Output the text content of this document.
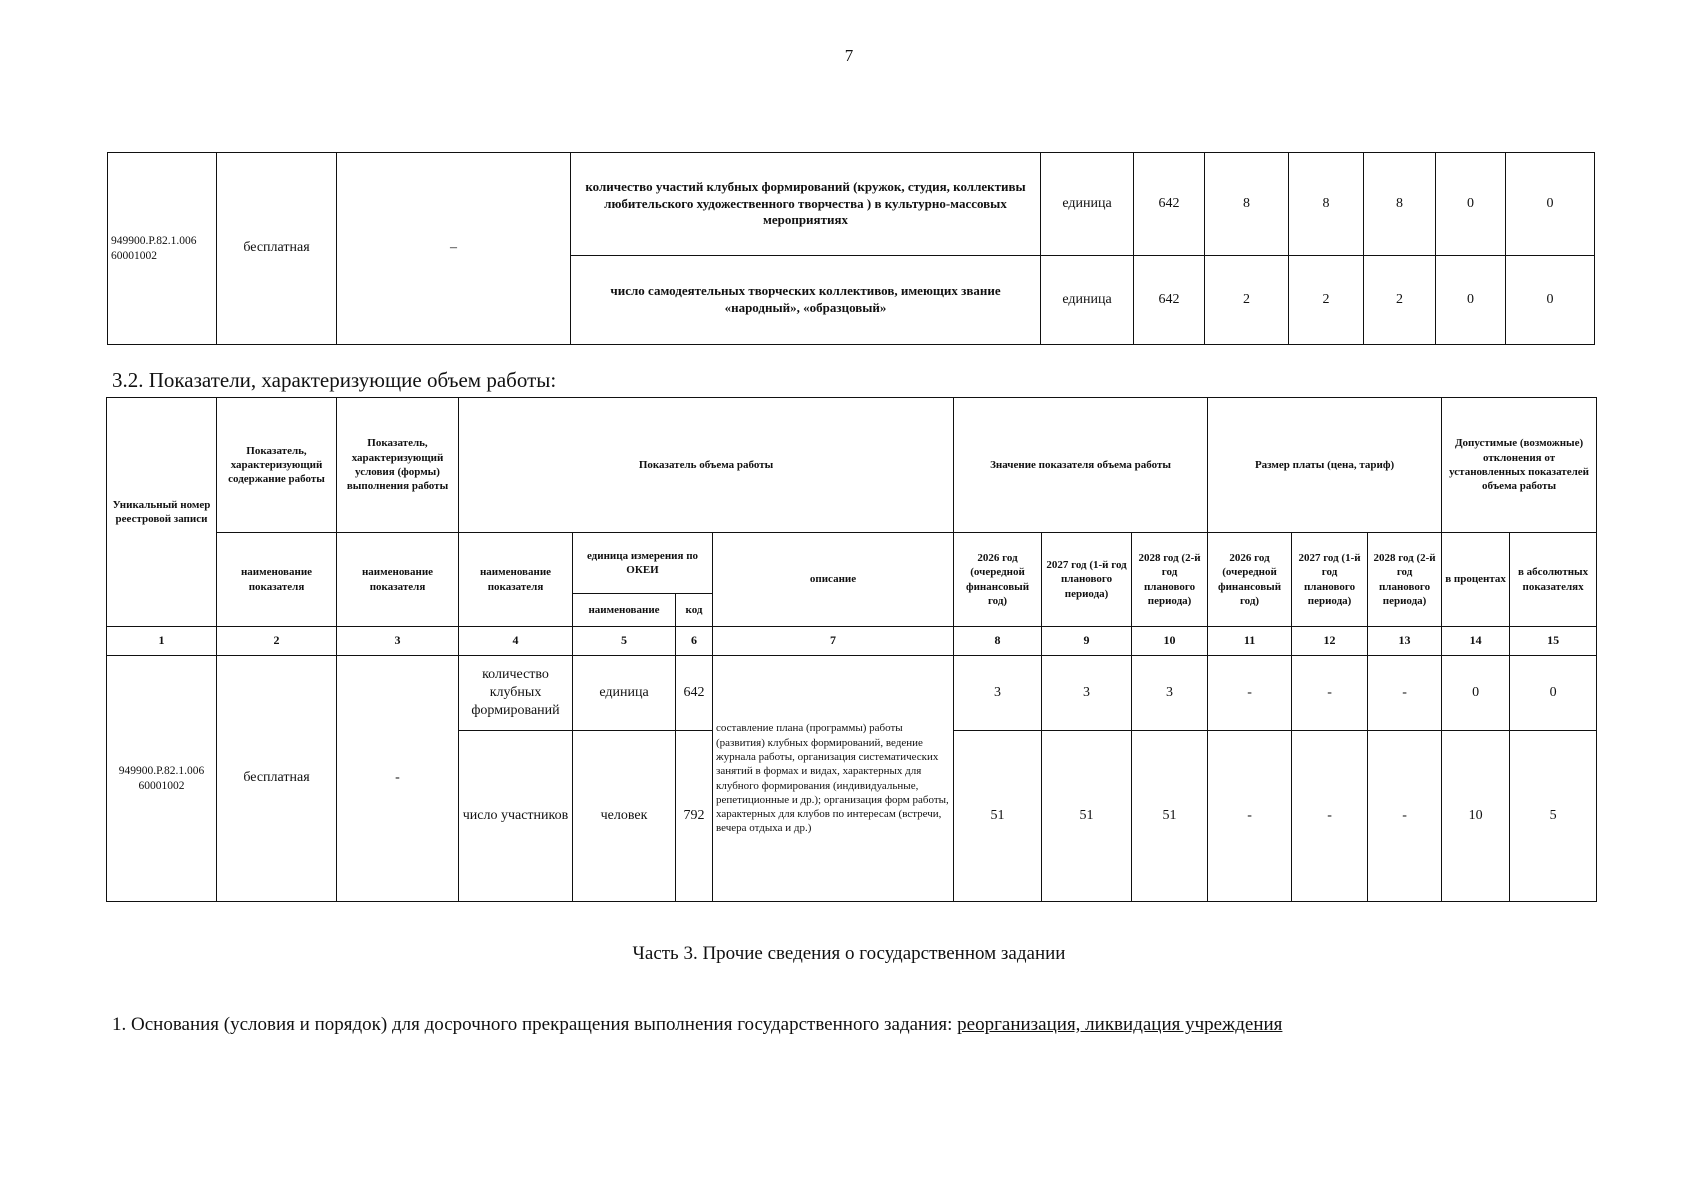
7
949900.Р.82.1.006 60001002	бесплатная	–	количество участий клубных формирований (кружок, студия, коллективы любительского художественного творчества ) в культурно-массовых мероприятиях	единица	642	8	8	8	0	0
			число самодеятельных творческих коллективов, имеющих звание «народный», «образцовый»	единица	642	2	2	2	0	0
3.2. Показатели, характеризующие объем работы:
Уникальный номер реестровой записи	Показатель, характеризующий содержание работы	Показатель, характеризующий условия (формы) выполнения работы	Показатель объема работы				Значение показателя объема работы			Размер платы (цена, тариф)			Допустимые (возможные) отклонения от установленных показателей объема работы	
	наименование показателя	наименование показателя	наименование показателя	единица измерения по ОКЕИ		описание	2026 год (очередной финансовый год)	2027 год (1-й год планового периода)	2028 год (2-й год планового периода)	2026 год (очередной финансовый год)	2027 год (1-й год планового периода)	2028 год (2-й год планового периода)	в процентах	в абсолютных показателях
				наименование	код									
1	2	3	4	5	6	7	8	9	10	11	12	13	14	15
949900.Р.82.1.006 60001002	бесплатная	-	количество клубных формирований	единица	642	составление плана (программы) работы (развития) клубных формирований, ведение журнала работы, организация систематических занятий в формах и видах, характерных для клубного формирования (индивидуальные, репетиционные и др.); организация форм работы, характерных для клубов по интересам (встречи, вечера отдыха и др.)	3	3	3	-	-	-	0	0
			число участников	человек	792		51	51	51	-	-	-	10	5
Часть 3. Прочие сведения о государственном задании
1. Основания (условия и порядок) для досрочного прекращения выполнения государственного задания: реорганизация, ликвидация учреждения
